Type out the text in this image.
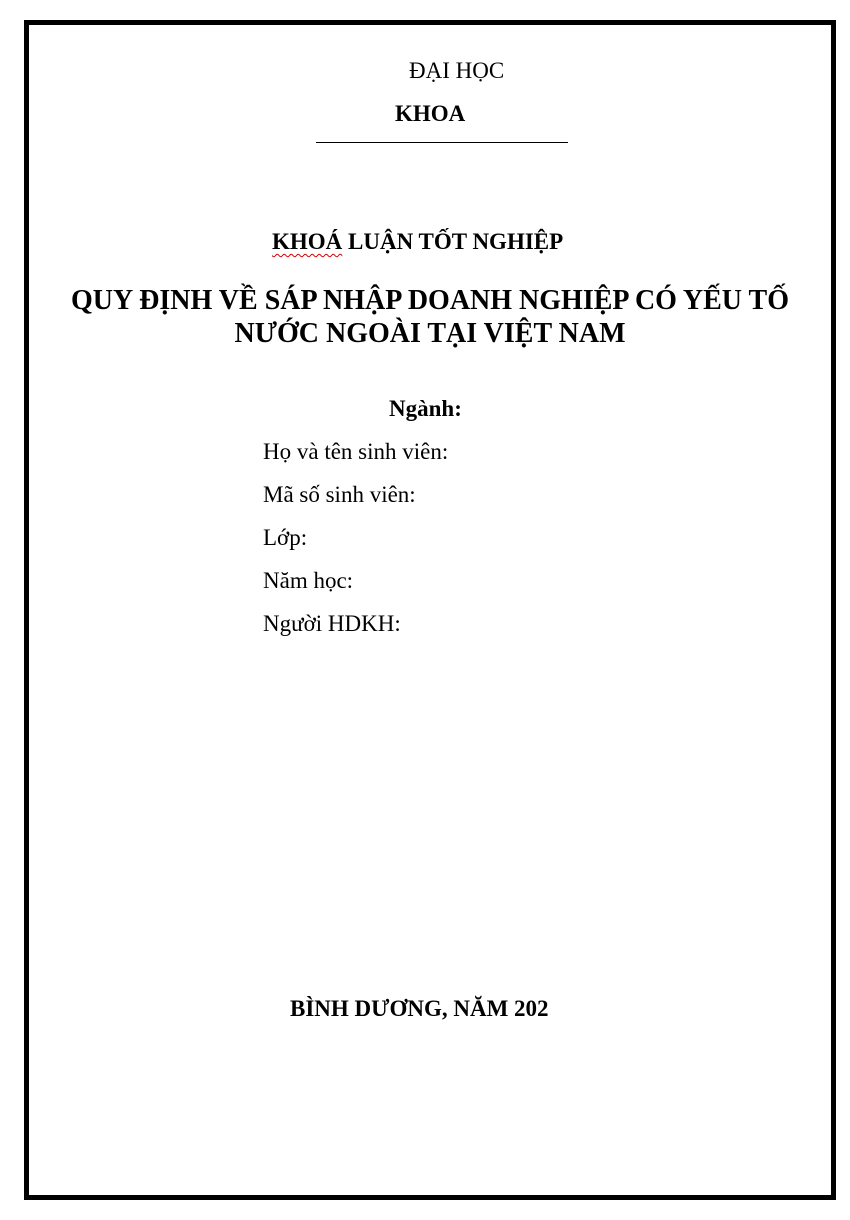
ĐẠI HỌC
KHOA
KHOÁ LUẬN TỐT NGHIỆP
QUY ĐỊNH VỀ SÁP NHẬP DOANH NGHIỆP CÓ YẾU TỐ
NƯỚC NGOÀI TẠI VIỆT NAM
Ngành:
Họ và tên sinh viên:
Mã số sinh viên:
Lớp:
Năm học:
Người HDKH:
BÌNH DƯƠNG, NĂM 202
